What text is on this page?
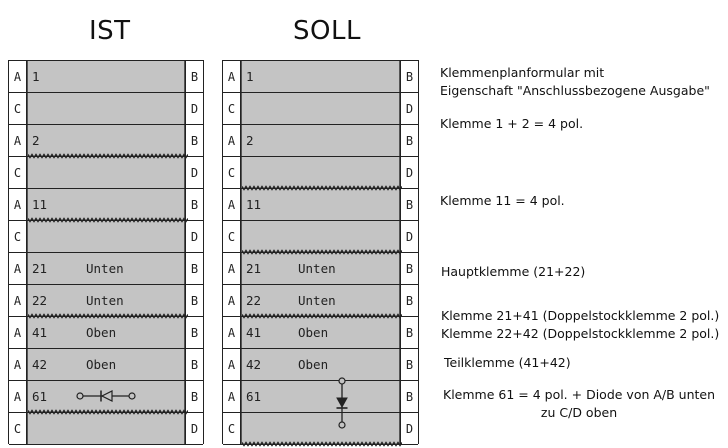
IST	SOLL
A 1	B
C	D
A 2	B
C	D
A 11	B
C	D
A 21	Unten	B
A 22	Unten	B
A 41	Oben	B
A 42	Oben	B
A 61	B
C	D
A 1	B
C	D
A 2	B
C	D
A 11	B
C	D
A 21	Unten	B
A 22	Unten	B
A 41	Oben	B
A 42	Oben	B
A 61	B
C	D
Klemmenplanformular mit
Eigenschaft "Anschlussbezogene Ausgabe"
Klemme 1 + 2 = 4 pol.
Klemme 11 = 4 pol.
Hauptklemme (21+22)
Klemme 21+41 (Doppelstockklemme 2 pol.)
Klemme 22+42 (Doppelstockklemme 2 pol.)
Teilklemme (41+42)
Klemme 61 = 4 pol. + Diode von A/B unten
zu C/D oben
